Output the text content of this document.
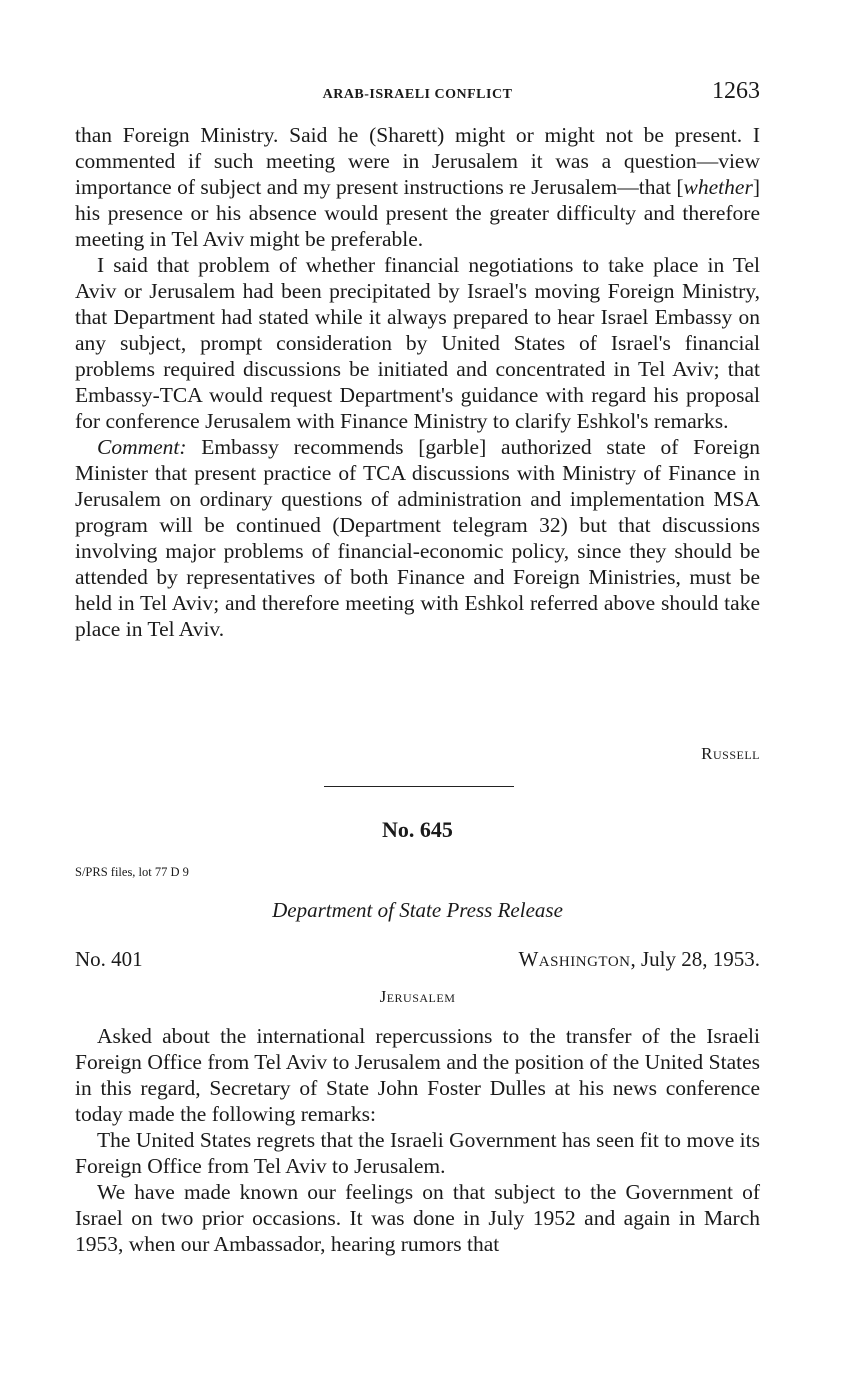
ARAB-ISRAELI CONFLICT	1263

than Foreign Ministry. Said he (Sharett) might or might not be present. I commented if such meeting were in Jerusalem it was a question—view importance of subject and my present instructions re Jerusalem—that [whether] his presence or his absence would present the greater difficulty and therefore meeting in Tel Aviv might be preferable.

I said that problem of whether financial negotiations to take place in Tel Aviv or Jerusalem had been precipitated by Israel's moving Foreign Ministry, that Department had stated while it always prepared to hear Israel Embassy on any subject, prompt consideration by United States of Israel's financial problems required discussions be initiated and concentrated in Tel Aviv; that Embassy-TCA would request Department's guidance with regard his proposal for conference Jerusalem with Finance Ministry to clarify Eshkol's remarks.

Comment: Embassy recommends [garble] authorized state of Foreign Minister that present practice of TCA discussions with Ministry of Finance in Jerusalem on ordinary questions of administration and implementation MSA program will be continued (Department telegram 32) but that discussions involving major problems of financial-economic policy, since they should be attended by representatives of both Finance and Foreign Ministries, must be held in Tel Aviv; and therefore meeting with Eshkol referred above should take place in Tel Aviv.

Russell
No. 645
S/PRS files, lot 77 D 9
Department of State Press Release
No. 401	Washington, July 28, 1953.
Jerusalem

Asked about the international repercussions to the transfer of the Israeli Foreign Office from Tel Aviv to Jerusalem and the position of the United States in this regard, Secretary of State John Foster Dulles at his news conference today made the following remarks:

The United States regrets that the Israeli Government has seen fit to move its Foreign Office from Tel Aviv to Jerusalem.

We have made known our feelings on that subject to the Government of Israel on two prior occasions. It was done in July 1952 and again in March 1953, when our Ambassador, hearing rumors that
